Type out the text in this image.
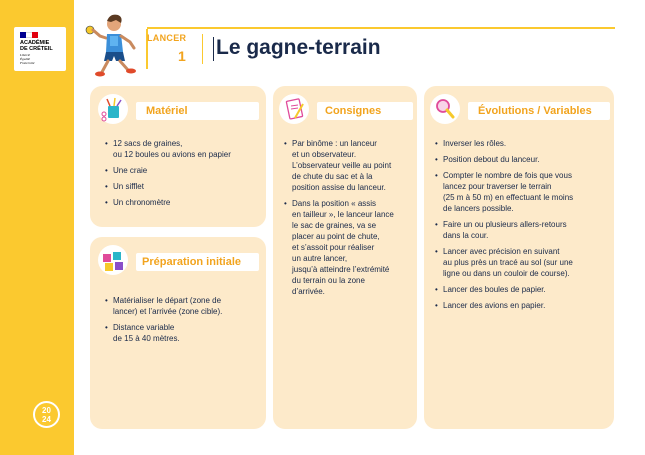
ACADÉMIE
DE CRÉTEIL
Liberté
Égalité
Fraternité
20
24
LANCER
1 Le gagne-terrain
Matériel
• 12 sacs de graines,
ou 12 boules ou avions en papier
• Une craie
• Un sifflet
• Un chronomètre
Préparation initiale
• Matérialiser le départ (zone de
lancer) et l’arrivée (zone cible).
• Distance variable
de 15 à 40 mètres.
Consignes
• Par binôme : un lanceur
et un observateur.
L’observateur veille au point
de chute du sac et à la
position assise du lanceur.
• Dans la position « assis
en tailleur », le lanceur lance
le sac de graines, va se
placer au point de chute,
et s’assoit pour réaliser
un autre lancer,
jusqu’à atteindre l’extrémité
du terrain ou la zone
d’arrivée.
Évolutions / Variables
• Inverser les rôles.
• Position debout du lanceur.
• Compter le nombre de fois que vous
lancez pour traverser le terrain
(25 m à 50 m) en effectuant le moins
de lancers possible.
• Faire un ou plusieurs allers-retours
dans la cour.
• Lancer avec précision en suivant
au plus près un tracé au sol (sur une
ligne ou dans un couloir de course).
• Lancer des boules de papier.
• Lancer des avions en papier.
